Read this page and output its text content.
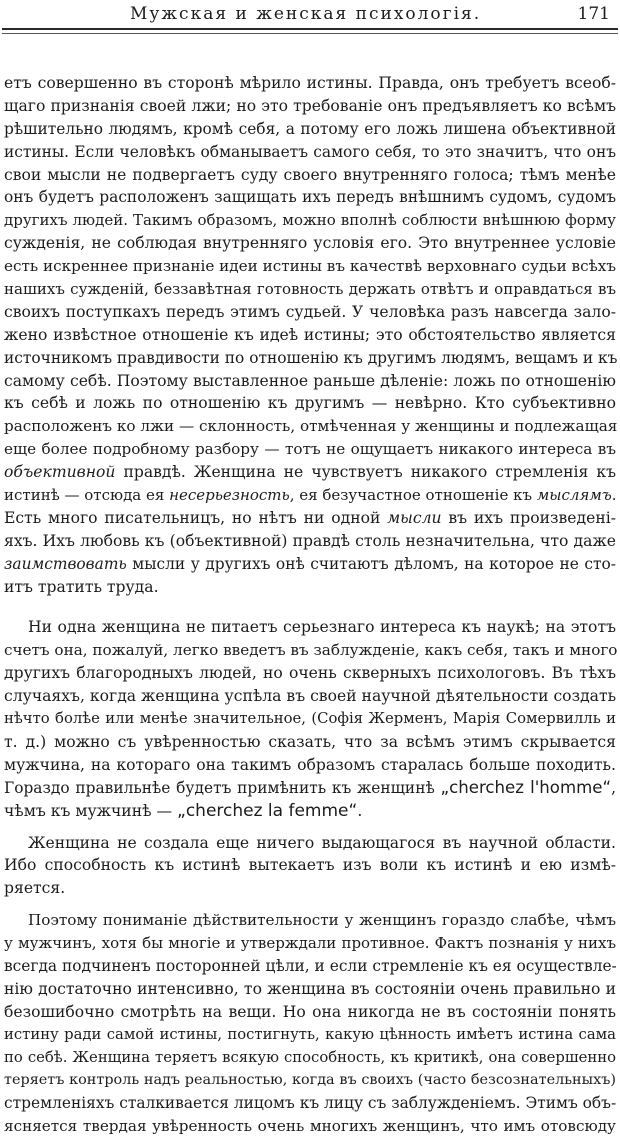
Мужская и женская психологія.	171
етъ совершенно въ сторонѣ мѣрило истины. Правда, онъ требуетъ всеоб-
щаго признанія своей лжи; но это требованіе онъ предъявляетъ ко всѣмъ
рѣшительно людямъ, кромѣ себя, а потому его ложь лишена объективной
истины. Если человѣкъ обманываетъ самого себя, то это значитъ, что онъ
свои мысли не подвергаетъ суду своего внутренняго голоса; тѣмъ менѣе
онъ будетъ расположенъ защищать ихъ передъ внѣшнимъ судомъ, судомъ
другихъ людей. Такимъ образомъ, можно вполнѣ соблюсти внѣшнюю форму
сужденія, не соблюдая внутренняго условія его. Это внутреннее условіе
есть искреннее признаніе идеи истины въ качествѣ верховнаго судьи всѣхъ
нашихъ сужденій, беззавѣтная готовность держать отвѣтъ и оправдаться въ
своихъ поступкахъ передъ этимъ судьей. У человѣка разъ навсегда зало-
жено извѣстное отношеніе къ идеѣ истины; это обстоятельство является
источникомъ правдивости по отношенію къ другимъ людямъ, вещамъ и къ
самому себѣ. Поэтому выставленное раньше дѣленіе: ложь по отношенію
къ себѣ и ложь по отношенію къ другимъ — невѣрно. Кто субъективно
расположенъ ко лжи — склонность, отмѣченная у женщины и подлежащая
еще более подробному разбору — тотъ не ощущаетъ никакого интереса въ
объективной правдѣ. Женщина не чувствуетъ никакого стремленія къ
истинѣ — отсюда ея несерьезность, ея безучастное отношеніе къ мыслямъ.
Есть много писательницъ, но нѣтъ ни одной мысли въ ихъ произведені-
яхъ. Ихъ любовь къ (объективной) правдѣ столь незначительна, что даже
заимствовать мысли у другихъ онѣ считаютъ дѣломъ, на которое не сто-
итъ тратить труда.
Ни одна женщина не питаетъ серьезнаго интереса къ наукѣ; на этотъ
счетъ она, пожалуй, легко введетъ въ заблужденіе, какъ себя, такъ и много
другихъ благородныхъ людей, но очень скверныхъ психологовъ. Въ тѣхъ
случаяхъ, когда женщина успѣла въ своей научной дѣятельности создать
нѣчто болѣе или менѣе значительное, (Софія Жерменъ, Марія Сомервилль и
т. д.) можно съ увѣренностью сказать, что за всѣмъ этимъ скрывается
мужчина, на котораго она такимъ образомъ старалась больше походить.
Гораздо правильнѣе будетъ примѣнить къ женщинѣ „cherchez l'homme“,
чѣмъ къ мужчинѣ — „cherchez la femme“.
Женщина не создала еще ничего выдающагося въ научной области.
Ибо способность къ истинѣ вытекаетъ изъ воли къ истинѣ и ею измѣ-
ряется.
Поэтому пониманіе дѣйствительности у женщинъ гораздо слабѣе, чѣмъ
у мужчинъ, хотя бы многіе и утверждали противное. Фактъ познанія у нихъ
всегда подчиненъ посторонней цѣли, и если стремленіе къ ея осуществле-
нію достаточно интенсивно, то женщина въ состояніи очень правильно и
безошибочно смотрѣть на вещи. Но она никогда не въ состояніи понять
истину ради самой истины, постигнуть, какую цѣнность имѣетъ истина сама
по себѣ. Женщина теряетъ всякую способность, къ критикѣ, она совершенно
теряетъ контроль надъ реальностью, когда въ своихъ (часто безсознательныхъ)
стремленіяхъ сталкивается лицомъ къ лицу съ заблужденіемъ. Этимъ объ-
ясняется твердая увѣренность очень многихъ женщинъ, что имъ отовсюду
